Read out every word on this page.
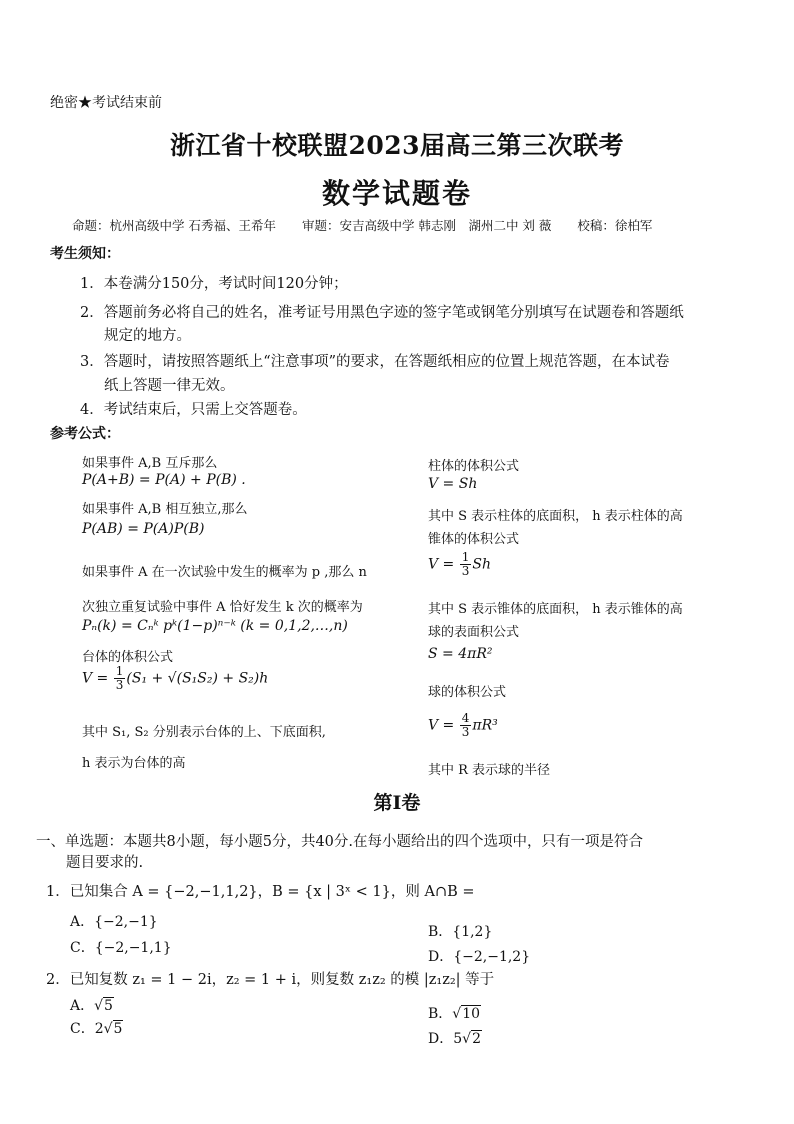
绝密★考试结束前
浙江省十校联盟2023届高三第三次联考
数学试题卷
命题：杭州高级中学 石秀福、王希年 审题：安吉高级中学 韩志刚　湖州二中 刘 薇 校稿：徐柏军
考生须知：
1．本卷满分150分，考试时间120分钟；
2．答题前务必将自己的姓名，准考证号用黑色字迹的签字笔或钢笔分别填写在试题卷和答题纸
规定的地方。
3．答题时，请按照答题纸上“注意事项”的要求，在答题纸相应的位置上规范答题，在本试卷
纸上答题一律无效。
4．考试结束后，只需上交答题卷。
参考公式：
如果事件 A,B 互斥那么
P(A+B) = P(A) + P(B) .
如果事件 A,B 相互独立,那么
P(AB) = P(A)P(B)
如果事件 A 在一次试验中发生的概率为 p ,那么 n
次独立重复试验中事件 A 恰好发生 k 次的概率为
Pₙ(k) = Cₙᵏ pᵏ(1−p)ⁿ⁻ᵏ (k = 0,1,2,…,n)
台体的体积公式
$V = \frac{1}{3} (S_1 + √(S_1S_2) + S_2)h$
其中 S₁, S₂ 分别表示台体的上、下底面积,
h 表示为台体的高
柱体的体积公式
V = Sh
其中 S 表示柱体的底面积， h 表示柱体的高
锥体的体积公式
$V = \frac{1}{3}$ Sh
其中 S 表示锥体的底面积， h 表示锥体的高
球的表面积公式
S = 4πR²
球的体积公式
$V = \frac{4}{3} \pi R^3$
其中 R 表示球的半径
第Ⅰ卷
一、单选题：本题共8小题，每小题5分，共40分.在每小题给出的四个选项中，只有一项是符合
题目要求的.
1．已知集合 A = {−2,−1,1,2}，B = {x | 3ˣ < 1}，则 A∩B =
A．{−2,−1}
B．{1,2}
C．{−2,−1,1}
D．{−2,−1,2}
2．已知复数 z₁ = 1 − 2i，z₂ = 1 + i，则复数 z₁z₂ 的模 |z₁z₂| 等于
A．√5	B．√10
C．2√5
D．5√2
